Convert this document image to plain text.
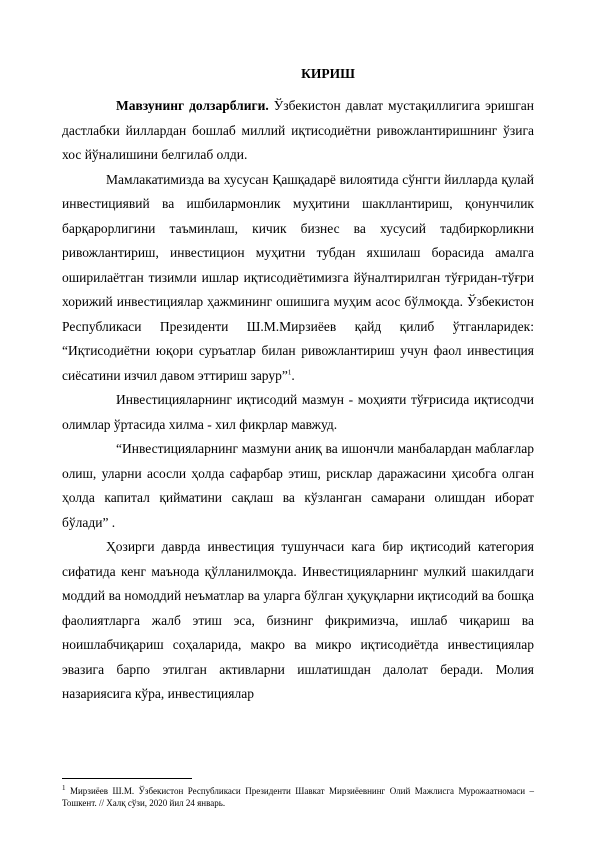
КИРИШ

Мавзунинг долзарблиги. Ўзбекистон давлат мустақиллигига эришган дастлабки йиллардан бошлаб миллий иқтисодиётни ривожлантиришнинг ўзига хос йўналишини белгилаб олди.

Мамлакатимизда ва хусусан Қашқадарё вилоятида сўнгги йилларда қулай инвестициявий ва ишбилармонлик муҳитини шакллантириш, қонунчилик барқарорлигини таъминлаш, кичик бизнес ва хусусий тадбиркорликни ривожлантириш, инвестицион муҳитни тубдан яхшилаш борасида амалга оширилаётган тизимли ишлар иқтисодиётимизга йўналтирилган тўғридан-тўғри хорижий инвестициялар ҳажмининг ошишига муҳим асос бўлмоқда. Ўзбекистон Республикаси Президенти Ш.М.Мирзиёев қайд қилиб ўтганларидек: “Иқтисодиётни юқори суръатлар билан ривожлантириш учун фаол инвестиция сиёсатини изчил давом эттириш зарур”$^1$.

Инвестицияларнинг иқтисодий мазмун - моҳияти тўғрисида иқтисодчи олимлар ўртасида хилма - хил фикрлар мавжуд.

“Инвестицияларнинг мазмуни аниқ ва ишончли манбалардан маблағлар олиш, уларни асосли ҳолда сафарбар этиш, рисклар даражасини ҳисобга олган ҳолда капитал қийматини сақлаш ва кўзланган самарани олишдан иборат бўлади” .

Ҳозирги даврда инвестиция тушунчаси кага бир иқтисодий категория сифатида кенг маънода қўлланилмоқда. Инвестицияларнинг мулкий шакилдаги моддий ва номоддий неъматлар ва уларга бўлган ҳуқуқларни иқтисодий ва бошқа фаолиятларга жалб этиш эса, бизнинг фикримизча, ишлаб чиқариш ва ноишлабчиқариш соҳаларида, макро ва микро иқтисодиётда инвестициялар эвазига барпо этилган активларни ишлатишдан далолат беради. Молия назариясига кўра, инвестициялар

$^1$ Мирзиёев Ш.М. Ўзбекистон Республикаси Президенти Шавкат Мирзиёевнинг Олий Мажлисга Мурожаатномаси – Тошкент. // Халқ сўзи, 2020 йил 24 январь.
